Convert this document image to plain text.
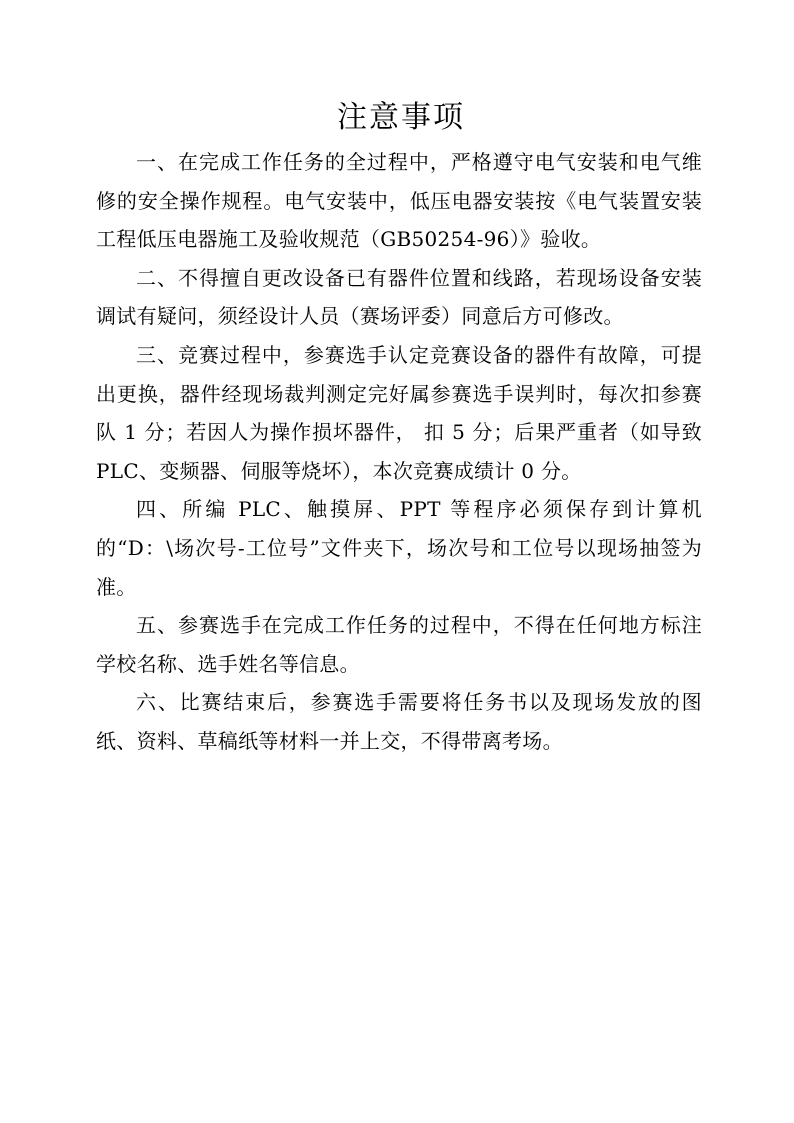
注意事项

一、在完成工作任务的全过程中，严格遵守电气安装和电气维修的安全操作规程。电气安装中，低压电器安装按《电气装置安装工程低压电器施工及验收规范（GB50254-96）》验收。

二、不得擅自更改设备已有器件位置和线路，若现场设备安装调试有疑问，须经设计人员（赛场评委）同意后方可修改。

三、竞赛过程中，参赛选手认定竞赛设备的器件有故障，可提出更换，器件经现场裁判测定完好属参赛选手误判时，每次扣参赛队 1 分；若因人为操作损坏器件， 扣 5 分；后果严重者（如导致 PLC、变频器、伺服等烧坏），本次竞赛成绩计 0 分。

四、所编 PLC、触摸屏、PPT 等程序必须保存到计算机的“D：\场次号-工位号”文件夹下，场次号和工位号以现场抽签为准。

五、参赛选手在完成工作任务的过程中，不得在任何地方标注学校名称、选手姓名等信息。

六、比赛结束后，参赛选手需要将任务书以及现场发放的图纸、资料、草稿纸等材料一并上交，不得带离考场。
